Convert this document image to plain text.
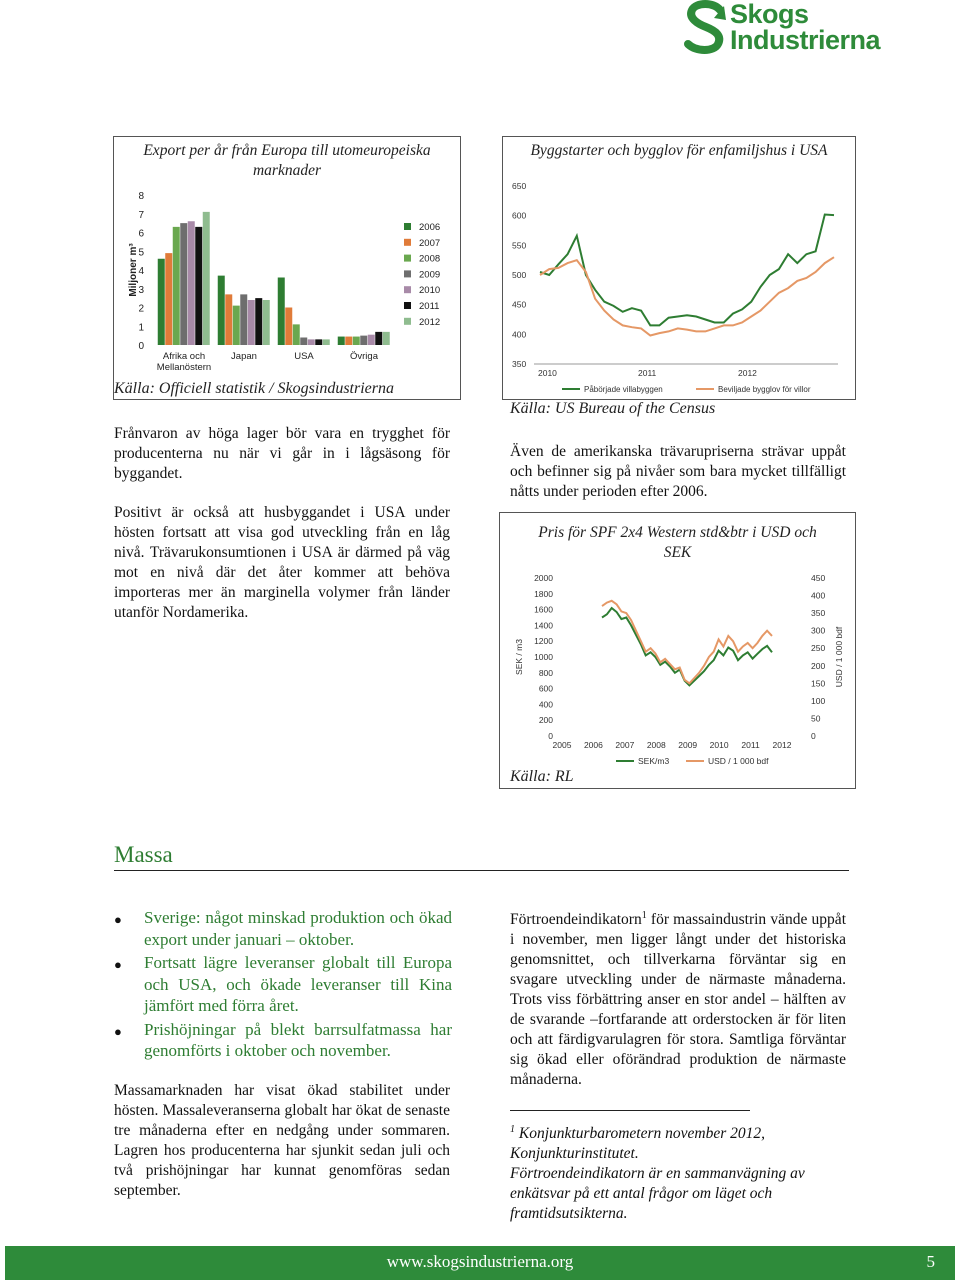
Skogs
Industrierna
Export per år från Europa till utomeuropeiska
marknader
0
1
2
3
4
5
6
7
8
Miljoner m³
Afrika och
Mellanöstern
Japan	USA	Övriga
2006
2007
2008
2009
2010
2011
2012
Källa: Officiell statistik / Skogsindustrierna
Frånvaron av höga lager bör vara en trygghet för producenterna nu när vi går in i lågsäsong för byggandet.
Positivt är också att husbyggandet i USA under hösten fortsatt att visa god utveckling från en låg nivå. Trävarukonsumtionen i USA är därmed på väg mot en nivå där det åter kommer att behöva importeras mer än marginella volymer från länder utanför Nordamerika.
Byggstarter och bygglov för enfamiljshus i USA
350
400
450
500
550
600
650
2010	2011	2012
Påbörjade villabyggen	Beviljade bygglov för villor
Källa: US Bureau of the Census
Även de amerikanska trävarupriserna strävar uppåt och befinner sig på nivåer som bara mycket tillfälligt nåtts under perioden efter 2006.
Pris för SPF 2x4 Western std&btr i USD och
SEK
0
200
400
600
800
1000
1200
1400
1600
1800
2000
0
50
100
150
200
250
300
350
400
450
SEK / m3	USD / 1 000 bdf
2005 2006 2007 2008 2009 2010 2011 2012
SEK/m3	USD / 1 000 bdf
Källa: RL
Massa
● Sverige: något minskad produktion och ökad export under januari – oktober.
● Fortsatt lägre leveranser globalt till Europa och USA, och ökade leveranser till Kina jämfört med förra året.
● Prishöjningar på blekt barrsulfatmassa har genomförts i oktober och november.
Massamarknaden har visat ökad stabilitet under hösten. Massaleveranserna globalt har ökat de senaste tre månaderna efter en nedgång under sommaren. Lagren hos producenterna har sjunkit sedan juli och två prishöjningar har kunnat genomföras sedan september.
Förtroendeindikatorn$^1$ för massaindustrin vände uppåt i november, men ligger långt under det historiska genomsnittet, och tillverkarna förväntar sig en svagare utveckling under de närmaste månaderna. Trots viss förbättring anser en stor andel – hälften av de svarande –fortfarande att orderstocken är för liten och att färdigvarulagren för stora. Samtliga förväntar sig ökad eller oförändrad produktion de närmaste månaderna.
$^1$ Konjunkturbarometern november 2012,
Konjunkturinstitutet.
Förtroendeindikatorn är en sammanvägning av enkätsvar på ett antal frågor om läget och framtidsutsikterna.
www.skogsindustrierna.org	5
